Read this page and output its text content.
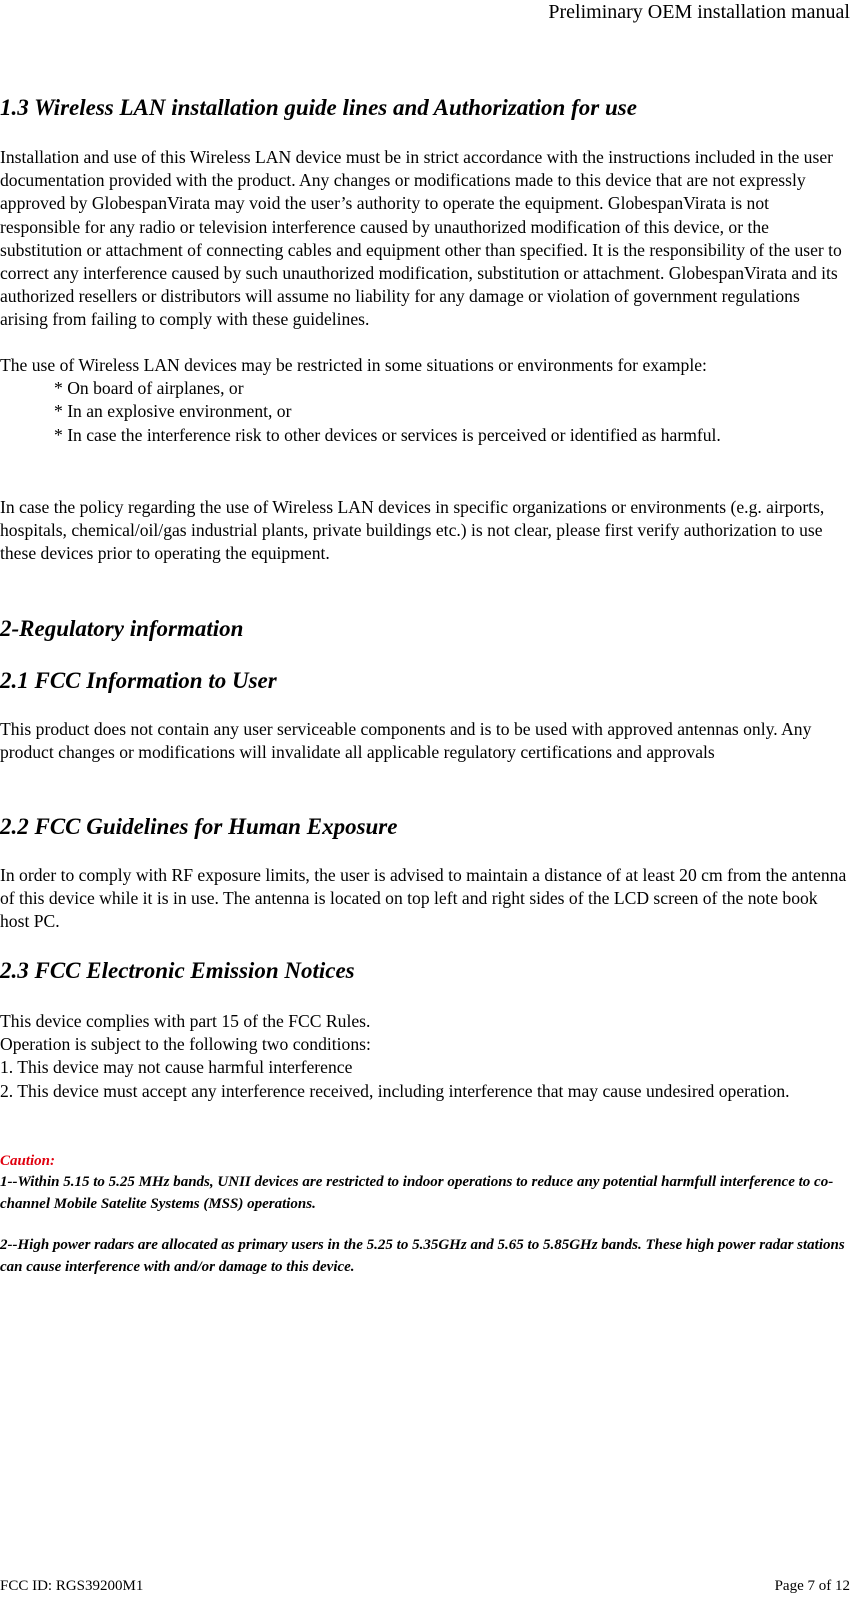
Preliminary OEM installation manual
1.3 Wireless LAN installation guide lines and Authorization for use

Installation and use of this Wireless LAN device must be in strict accordance with the instructions included in the user documentation provided with the product. Any changes or modifications made to this device that are not expressly approved by GlobespanVirata may void the user’s authority to operate the equipment. GlobespanVirata is not responsible for any radio or television interference caused by unauthorized modification of this device, or the substitution or attachment of connecting cables and equipment other than specified. It is the responsibility of the user to correct any interference caused by such unauthorized modification, substitution or attachment. GlobespanVirata and its authorized resellers or distributors will assume no liability for any damage or violation of government regulations arising from failing to comply with these guidelines.

The use of Wireless LAN devices may be restricted in some situations or environments for example:

* On board of airplanes, or
* In an explosive environment, or
* In case the interference risk to other devices or services is perceived or identified as harmful.

In case the policy regarding the use of Wireless LAN devices in specific organizations or environments (e.g. airports, hospitals, chemical/oil/gas industrial plants, private buildings etc.) is not clear, please first verify authorization to use these devices prior to operating the equipment.

2-Regulatory information
2.1 FCC Information to User

This product does not contain any user serviceable components and is to be used with approved antennas only. Any product changes or modifications will invalidate all applicable regulatory certifications and approvals

2.2 FCC Guidelines for Human Exposure

In order to comply with RF exposure limits, the user is advised to maintain a distance of at least 20 cm from the antenna of this device while it is in use. The antenna is located on top left and right sides of the LCD screen of the note book host PC.

2.3 FCC Electronic Emission Notices

This device complies with part 15 of the FCC Rules.

Operation is subject to the following two conditions:

1. This device may not cause harmful interference

2. This device must accept any interference received, including interference that may cause undesired operation.

Caution:

1--Within 5.15 to 5.25 MHz bands, UNII devices are restricted to indoor operations to reduce any potential harmfull interference to co-channel Mobile Satelite Systems (MSS) operations.

2--High power radars are allocated as primary users in the 5.25 to 5.35GHz and 5.65 to 5.85GHz bands. These high power radar stations can cause interference with and/or damage to this device.

FCC ID: RGS39200M1	Page 7 of 12
